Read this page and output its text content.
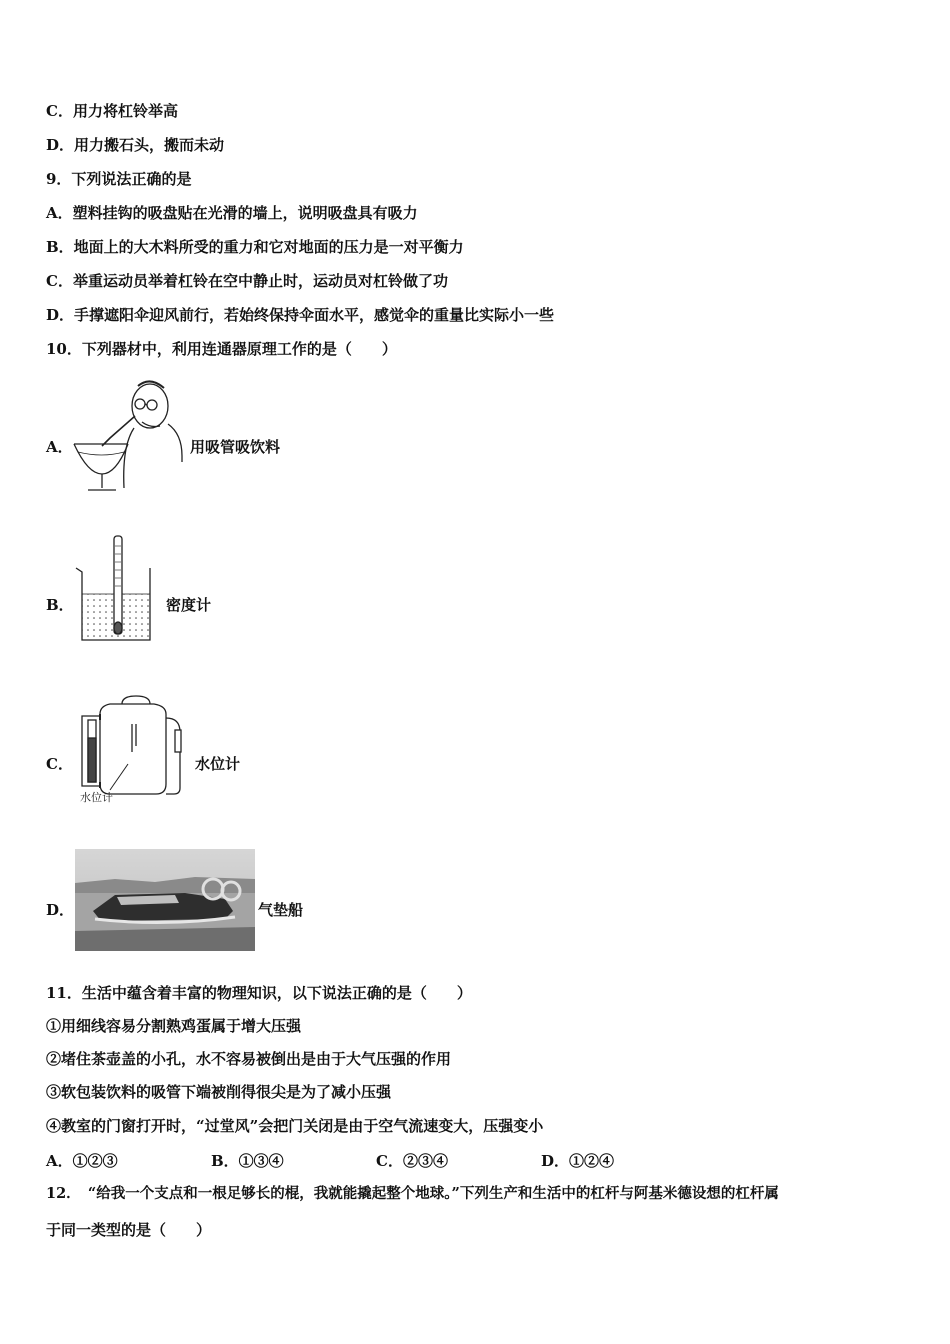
C．用力将杠铃举高
D．用力搬石头，搬而未动
9．下列说法正确的是
A．塑料挂钩的吸盘贴在光滑的墙上，说明吸盘具有吸力
B．地面上的大木料所受的重力和它对地面的压力是一对平衡力
C．举重运动员举着杠铃在空中静止时，运动员对杠铃做了功
D．手撑遮阳伞迎风前行，若始终保持伞面水平，感觉伞的重量比实际小一些
10．下列器材中，利用连通器原理工作的是（　　）
A．	用吸管吸饮料
B．	密度计
C．
水位计
水位计
D．	气垫船
11．生活中蕴含着丰富的物理知识，以下说法正确的是（　　）
①用细线容易分割熟鸡蛋属于增大压强
②堵住茶壶盖的小孔，水不容易被倒出是由于大气压强的作用
③软包装饮料的吸管下端被削得很尖是为了减小压强
④教室的门窗打开时，“过堂风”会把门关闭是由于空气流速变大，压强变小
A．①②③	B．①③④	C．②③④	D．①②④
12．　“给我一个支点和一根足够长的棍，我就能撬起整个地球。”下列生产和生活中的杠杆与阿基米德设想的杠杆属
于同一类型的是（　　）
